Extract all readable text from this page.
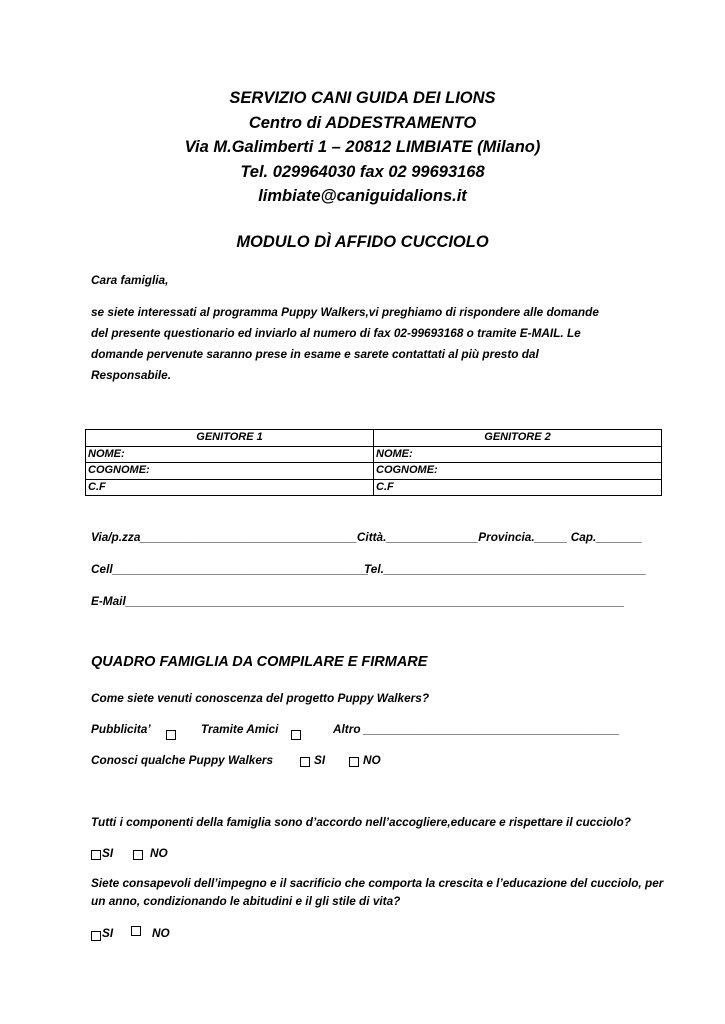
SERVIZIO CANI GUIDA DEI LIONS
Centro di ADDESTRAMENTO
Via M.Galimberti 1 – 20812 LIMBIATE (Milano)
Tel. 029964030 fax 02 99693168
limbiate@caniguidalions.it
MODULO DÌ AFFIDO CUCCIOLO
Cara famiglia,
se siete interessati al programma Puppy Walkers,vi preghiamo di rispondere alle domande
del presente questionario ed inviarlo al numero di fax 02-99693168 o tramite E-MAIL. Le
domande pervenute saranno prese in esame e sarete contattati al più presto dal
Responsabile.
GENITORE 1	GENITORE 2
NOME:	NOME:
COGNOME:	COGNOME:
C.F	C.F
Via/p.zza_________________________________Città.______________Provincia._____ Cap._______
Cell_______________________________________
Tel.________________________________________
E-Mail____________________________________________________________________________
QUADRO FAMIGLIA DA COMPILARE E FIRMARE
Come siete venuti conoscenza del progetto Puppy Walkers?
Pubblicita’	Tramite Amici	Altro _______________________________________
Conosci qualche Puppy Walkers	SI	NO
Tutti i componenti della famiglia sono d’accordo nell’accogliere,educare e rispettare il cucciolo?
SI	NO
Siete consapevoli dell’impegno e il sacrificio che comporta la crescita e l’educazione del cucciolo, per
un anno, condizionando le abitudini e il gli stile di vita?
SI	NO
